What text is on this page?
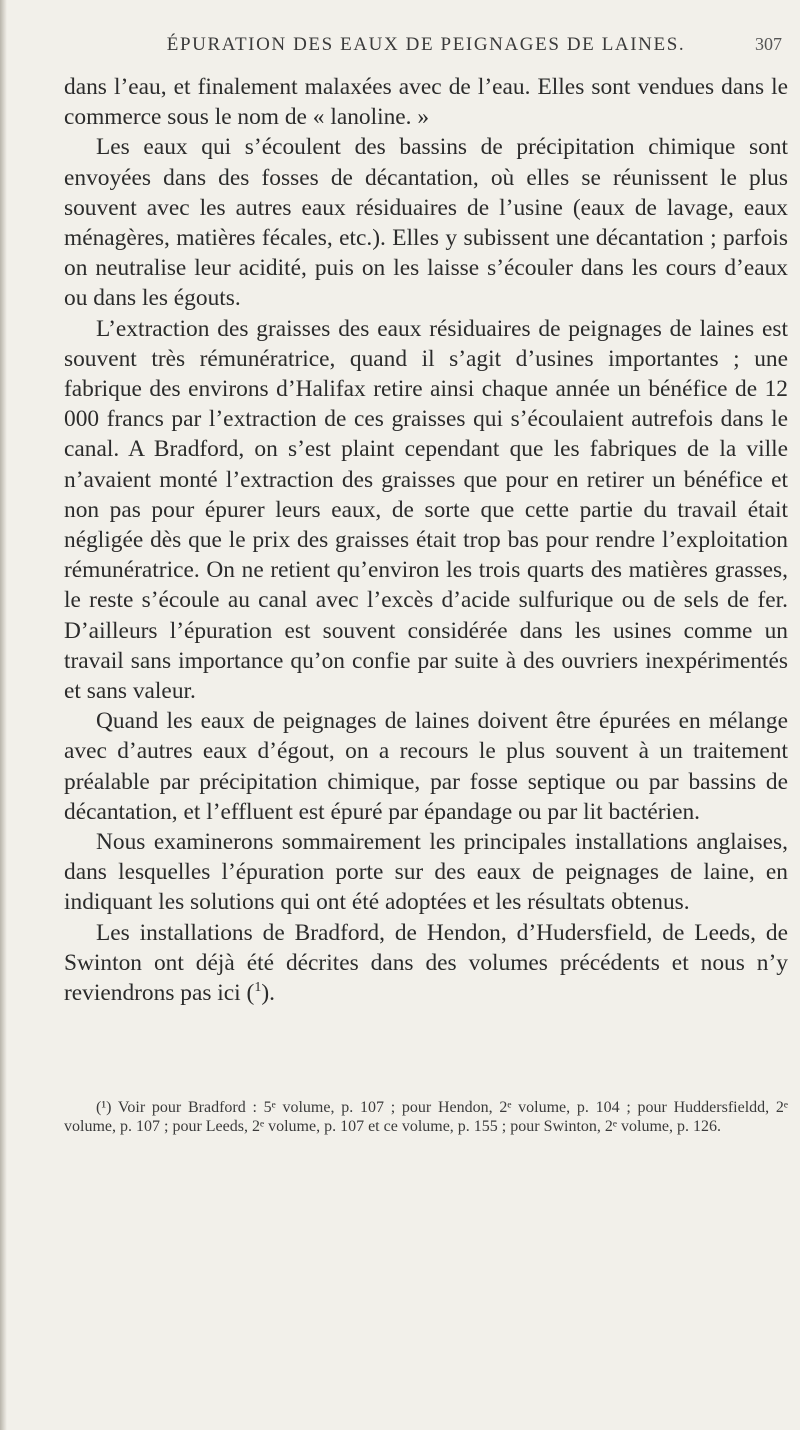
ÉPURATION DES EAUX DE PEIGNAGES DE LAINES.	307

dans l’eau, et finalement malaxées avec de l’eau. Elles sont vendues dans le commerce sous le nom de « lanoline. »

Les eaux qui s’écoulent des bassins de précipitation chimique sont envoyées dans des fosses de décantation, où elles se réunissent le plus souvent avec les autres eaux résiduaires de l’usine (eaux de lavage, eaux ménagères, matières fécales, etc.). Elles y subissent une décantation ; parfois on neutralise leur acidité, puis on les laisse s’écouler dans les cours d’eaux ou dans les égouts.

L’extraction des graisses des eaux résiduaires de peignages de laines est souvent très rémunératrice, quand il s’agit d’usines importantes ; une fabrique des environs d’Halifax retire ainsi chaque année un bénéfice de 12 000 francs par l’extraction de ces graisses qui s’écoulaient autrefois dans le canal. A Bradford, on s’est plaint cependant que les fabriques de la ville n’avaient monté l’extraction des graisses que pour en retirer un bénéfice et non pas pour épurer leurs eaux, de sorte que cette partie du travail était négligée dès que le prix des graisses était trop bas pour rendre l’exploitation rémunératrice. On ne retient qu’environ les trois quarts des matières grasses, le reste s’écoule au canal avec l’excès d’acide sulfurique ou de sels de fer. D’ailleurs l’épuration est souvent considérée dans les usines comme un travail sans importance qu’on confie par suite à des ouvriers inexpérimentés et sans valeur.

Quand les eaux de peignages de laines doivent être épurées en mélange avec d’autres eaux d’égout, on a recours le plus souvent à un traitement préalable par précipitation chimique, par fosse septique ou par bassins de décantation, et l’effluent est épuré par épandage ou par lit bactérien.

Nous examinerons sommairement les principales installations anglaises, dans lesquelles l’épuration porte sur des eaux de peignages de laine, en indiquant les solutions qui ont été adoptées et les résultats obtenus.

Les installations de Bradford, de Hendon, d’Hudersfield, de Leeds, de Swinton ont déjà été décrites dans des volumes précédents et nous n’y reviendrons pas ici ($^1$).

(¹) Voir pour Bradford : 5ᵉ volume, p. 107 ; pour Hendon, 2ᵉ volume, p. 104 ; pour Huddersfieldd, 2ᵉ volume, p. 107 ; pour Leeds, 2ᵉ volume, p. 107 et ce volume, p. 155 ; pour Swinton, 2ᵉ volume, p. 126.
